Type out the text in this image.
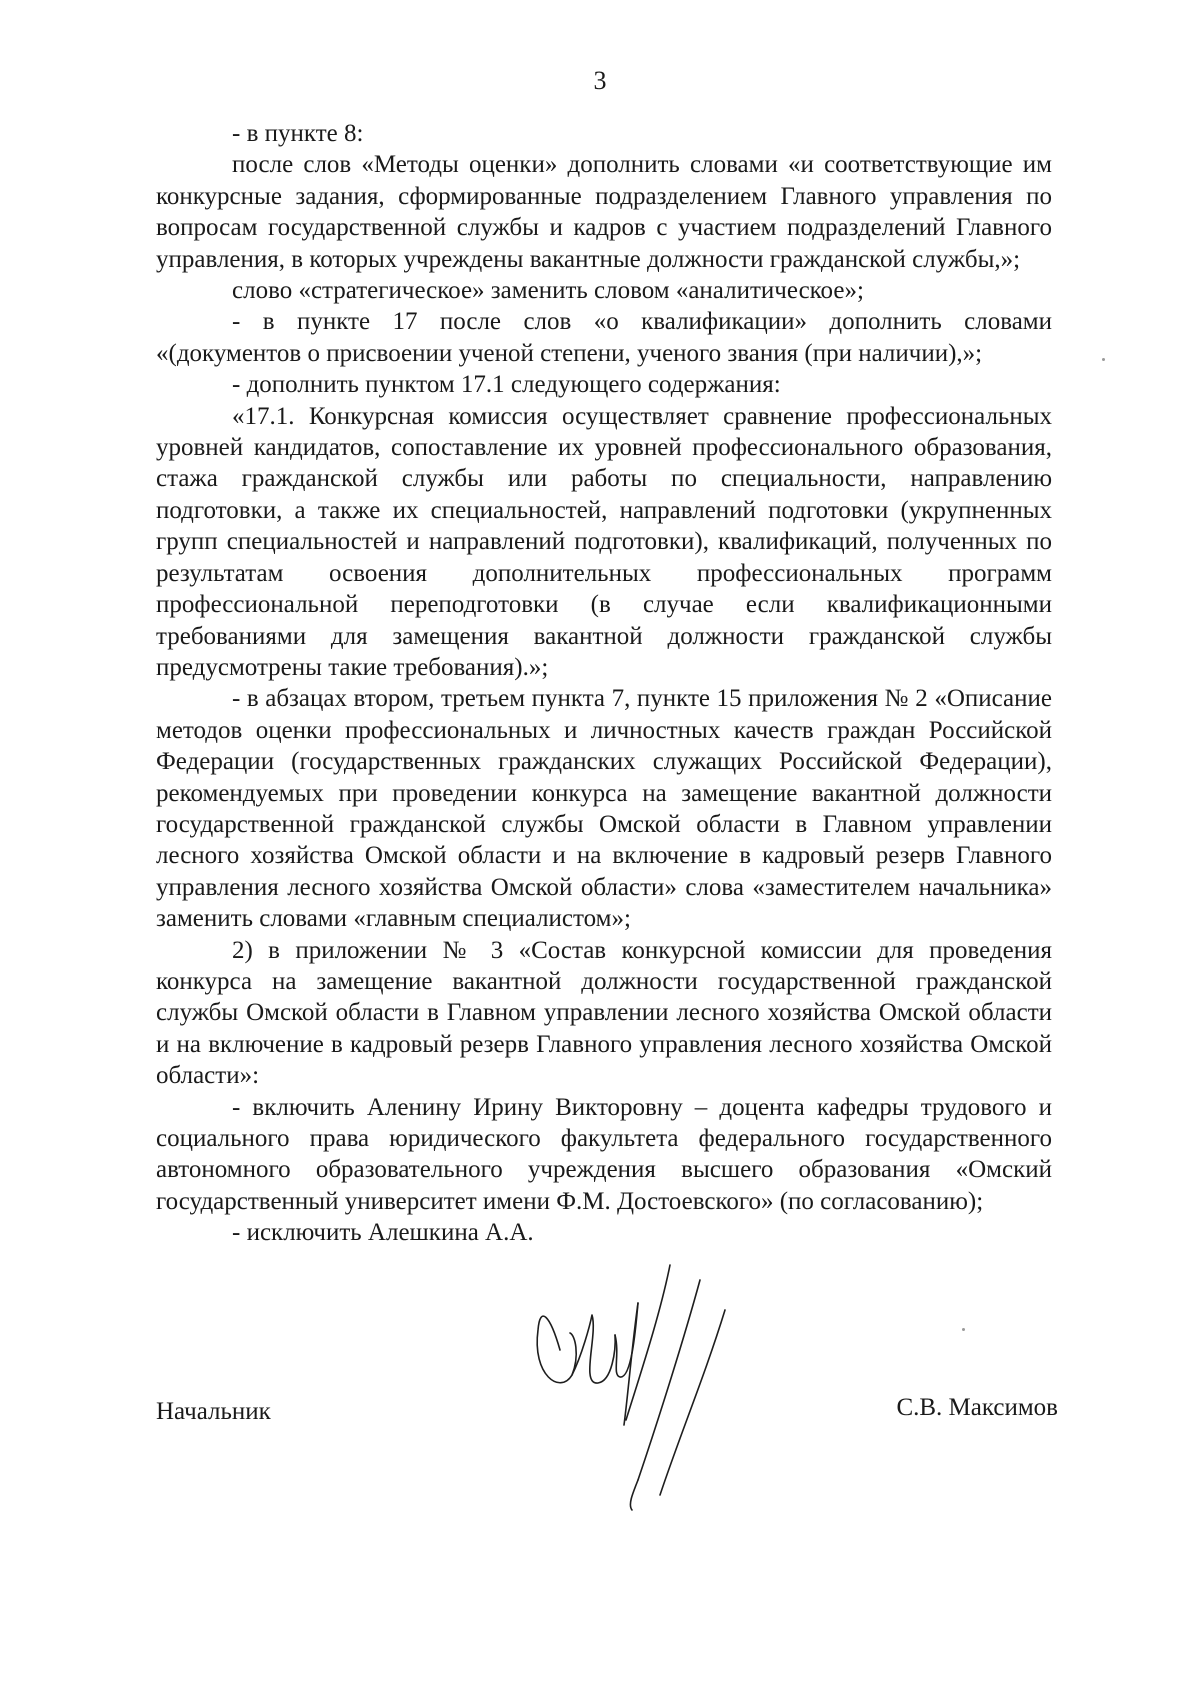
3

- в пункте 8:

после слов «Методы оценки» дополнить словами «и соответствующие им конкурсные задания, сформированные подразделением Главного управления по вопросам государственной службы и кадров с участием подразделений Главного управления, в которых учреждены вакантные должности гражданской службы,»;

слово «стратегическое» заменить словом «аналитическое»;

- в пункте 17 после слов «о квалификации» дополнить словами «(документов о присвоении ученой степени, ученого звания (при наличии),»;

- дополнить пунктом 17.1 следующего содержания:

«17.1. Конкурсная комиссия осуществляет сравнение профессиональных уровней кандидатов, сопоставление их уровней профессионального образования, стажа гражданской службы или работы по специальности, направлению подготовки, а также их специальностей, направлений подготовки (укрупненных групп специальностей и направлений подготовки), квалификаций, полученных по результатам освоения дополнительных профессиональных программ профессиональной переподготовки (в случае если квалификационными требованиями для замещения вакантной должности гражданской службы предусмотрены такие требования).»;

- в абзацах втором, третьем пункта 7, пункте 15 приложения № 2 «Описание методов оценки профессиональных и личностных качеств граждан Российской Федерации (государственных гражданских служащих Российской Федерации), рекомендуемых при проведении конкурса на замещение вакантной должности государственной гражданской службы Омской области в Главном управлении лесного хозяйства Омской области и на включение в кадровый резерв Главного управления лесного хозяйства Омской области» слова «заместителем начальника» заменить словами «главным специалистом»;

2) в приложении № 3 «Состав конкурсной комиссии для проведения конкурса на замещение вакантной должности государственной гражданской службы Омской области в Главном управлении лесного хозяйства Омской области и на включение в кадровый резерв Главного управления лесного хозяйства Омской области»:

- включить Аленину Ирину Викторовну – доцента кафедры трудового и социального права юридического факультета федерального государственного автономного образовательного учреждения высшего образования «Омский государственный университет имени Ф.М. Достоевского» (по согласованию);

- исключить Алешкина А.А.

Начальник	С.В. Максимов
